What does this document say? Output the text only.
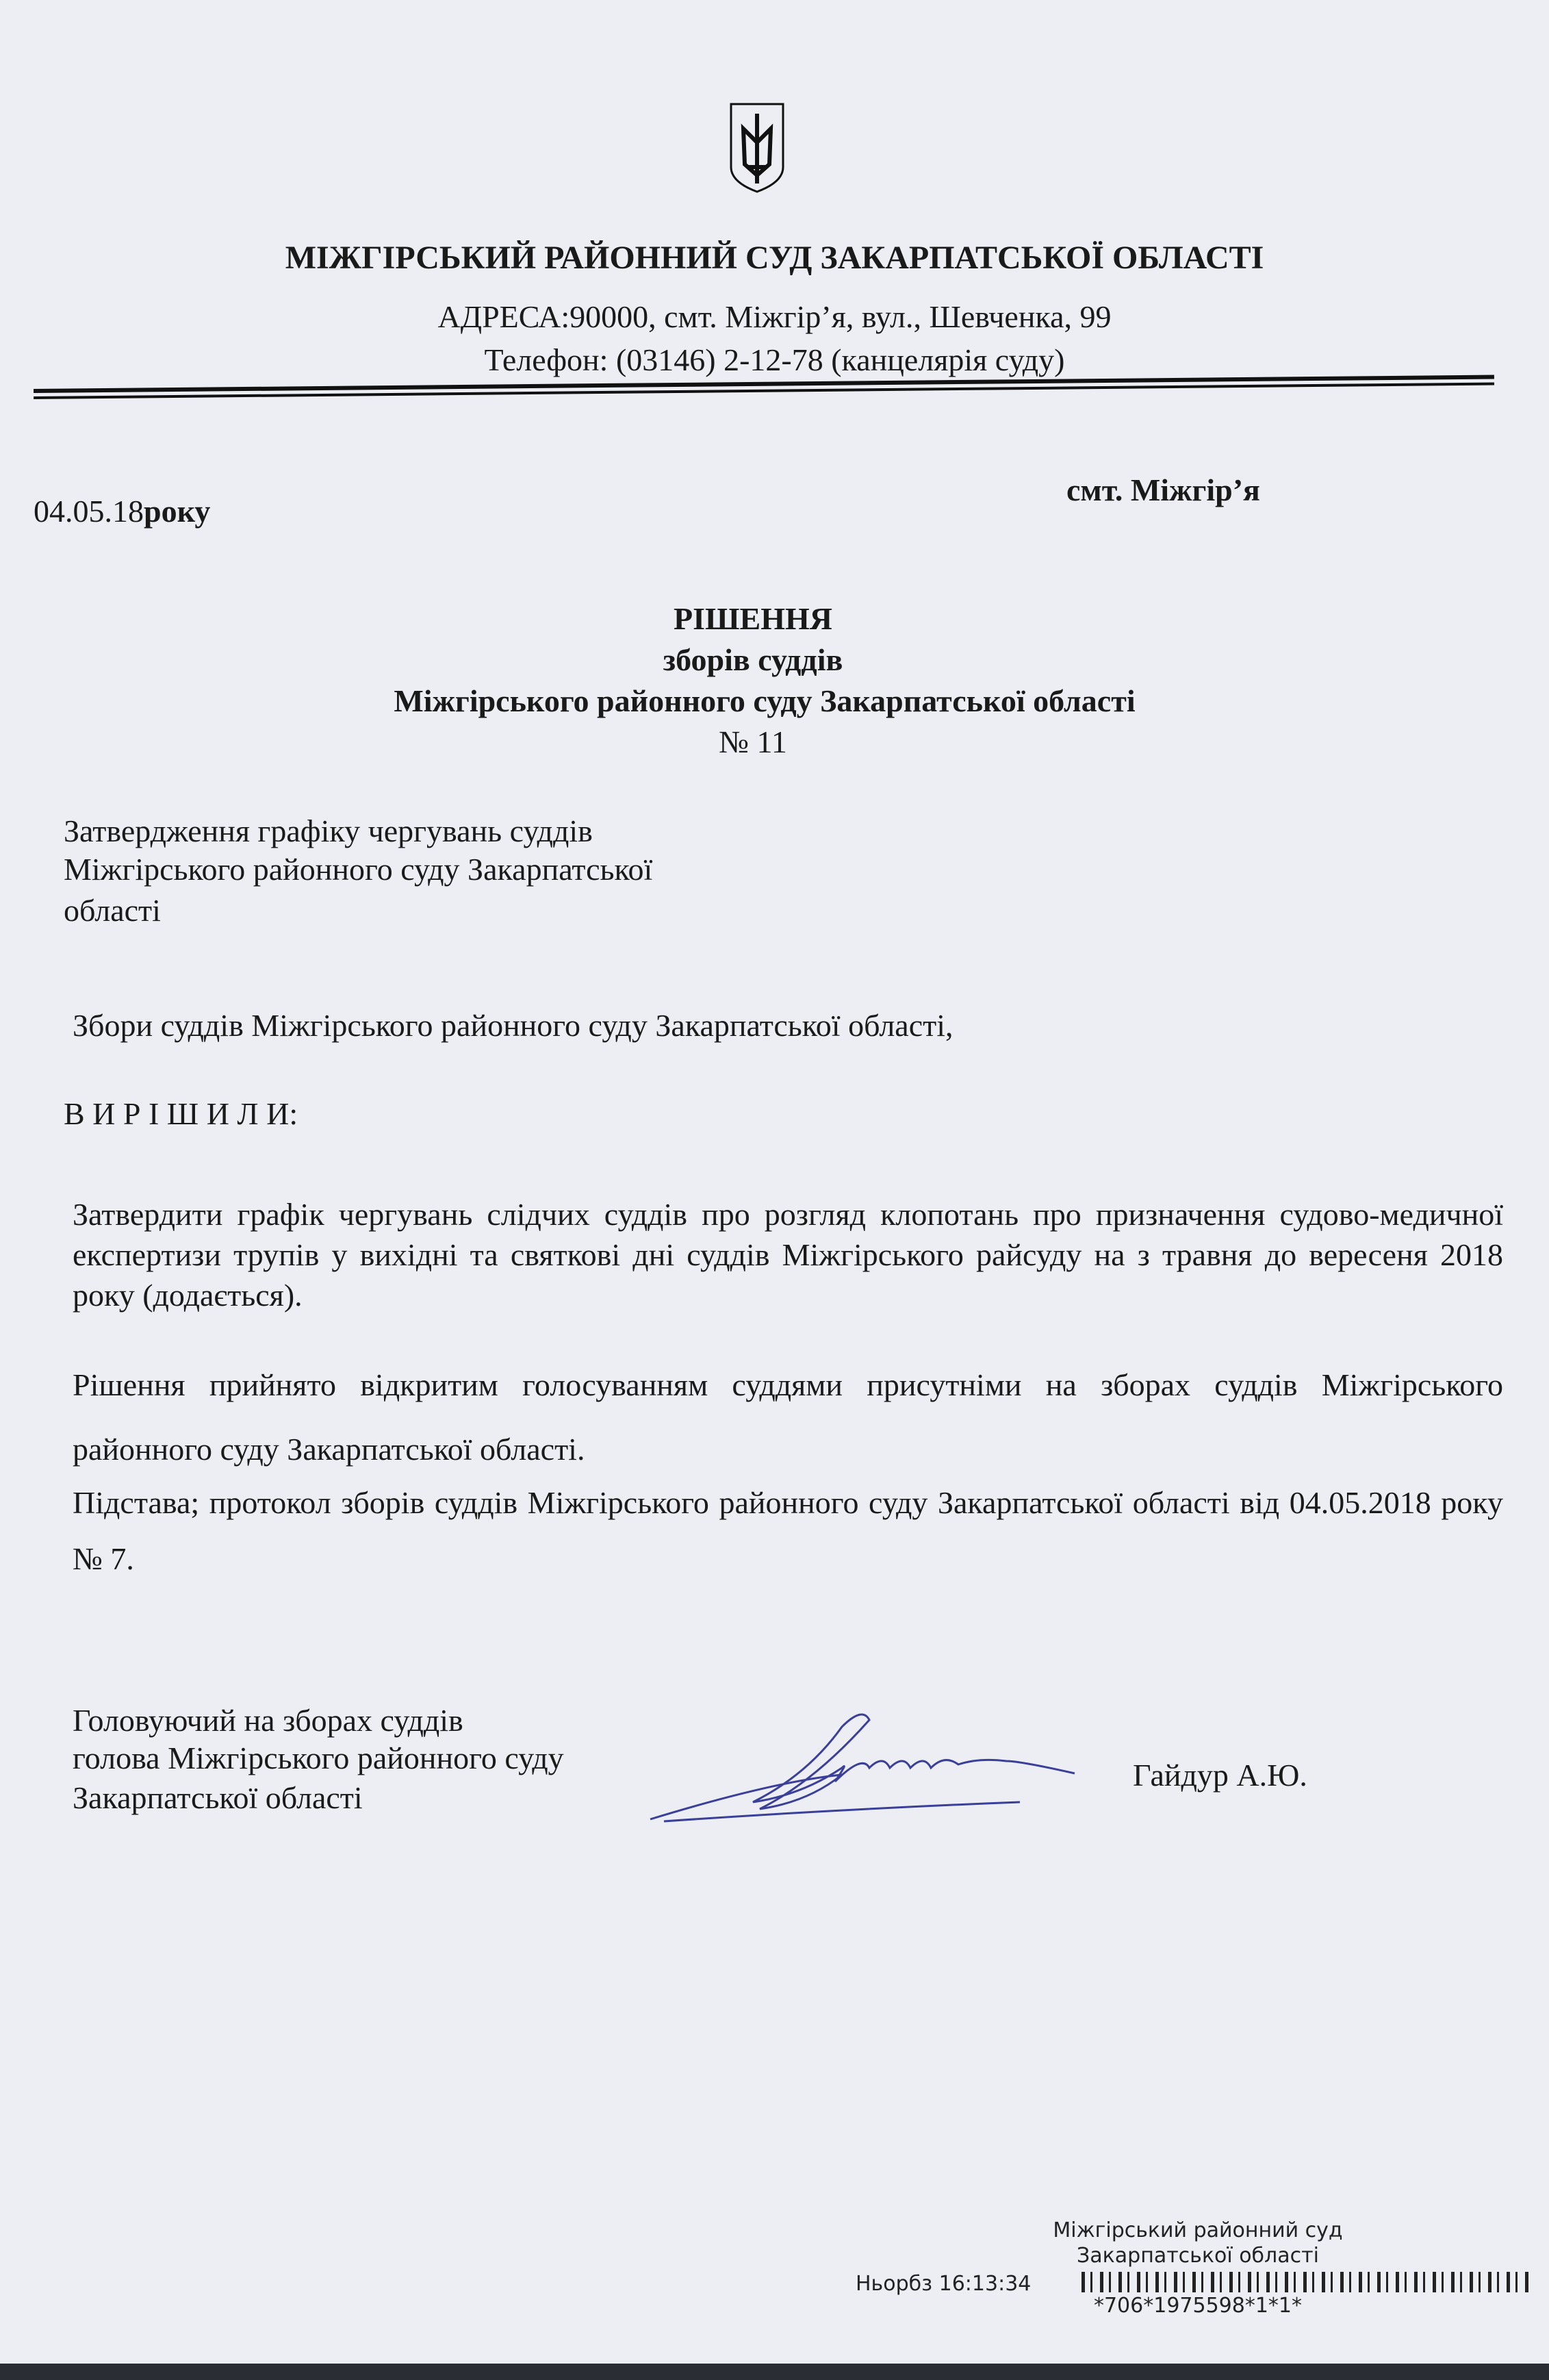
МІЖГІРСЬКИЙ РАЙОННИЙ СУД ЗАКАРПАТСЬКОЇ ОБЛАСТІ
АДРЕСА:90000, смт. Міжгір’я, вул., Шевченка, 99
Телефон: (03146) 2-12-78 (канцелярія суду)
04.05.18року
смт. Міжгір’я
РІШЕННЯ
зборів суддів
Міжгірського районного суду Закарпатської області
№ 11
Затвердження графіку чергувань суддів
Міжгірського районного суду Закарпатської
області
Збори суддів Міжгірського районного суду Закарпатської області,
В И Р І Ш И Л И:
Затвердити графік чергувань слідчих суддів про розгляд клопотань про призначення судово-медичної експертизи трупів у вихідні та святкові дні суддів Міжгірського райсуду на з травня до вересеня 2018 року (додається).
Рішення прийнято відкритим голосуванням суддями присутніми на зборах суддів Міжгірського районного суду Закарпатської області.
Підстава; протокол зборів суддів Міжгірського районного суду Закарпатської області від 04.05.2018 року № 7.
Головуючий на зборах суддів
голова Міжгірського районного суду
Закарпатської області
Гайдур А.Ю.
Міжгірський районний суд
Закарпатської області
Ньорбз 16:13:34
*706*1975598*1*1*
